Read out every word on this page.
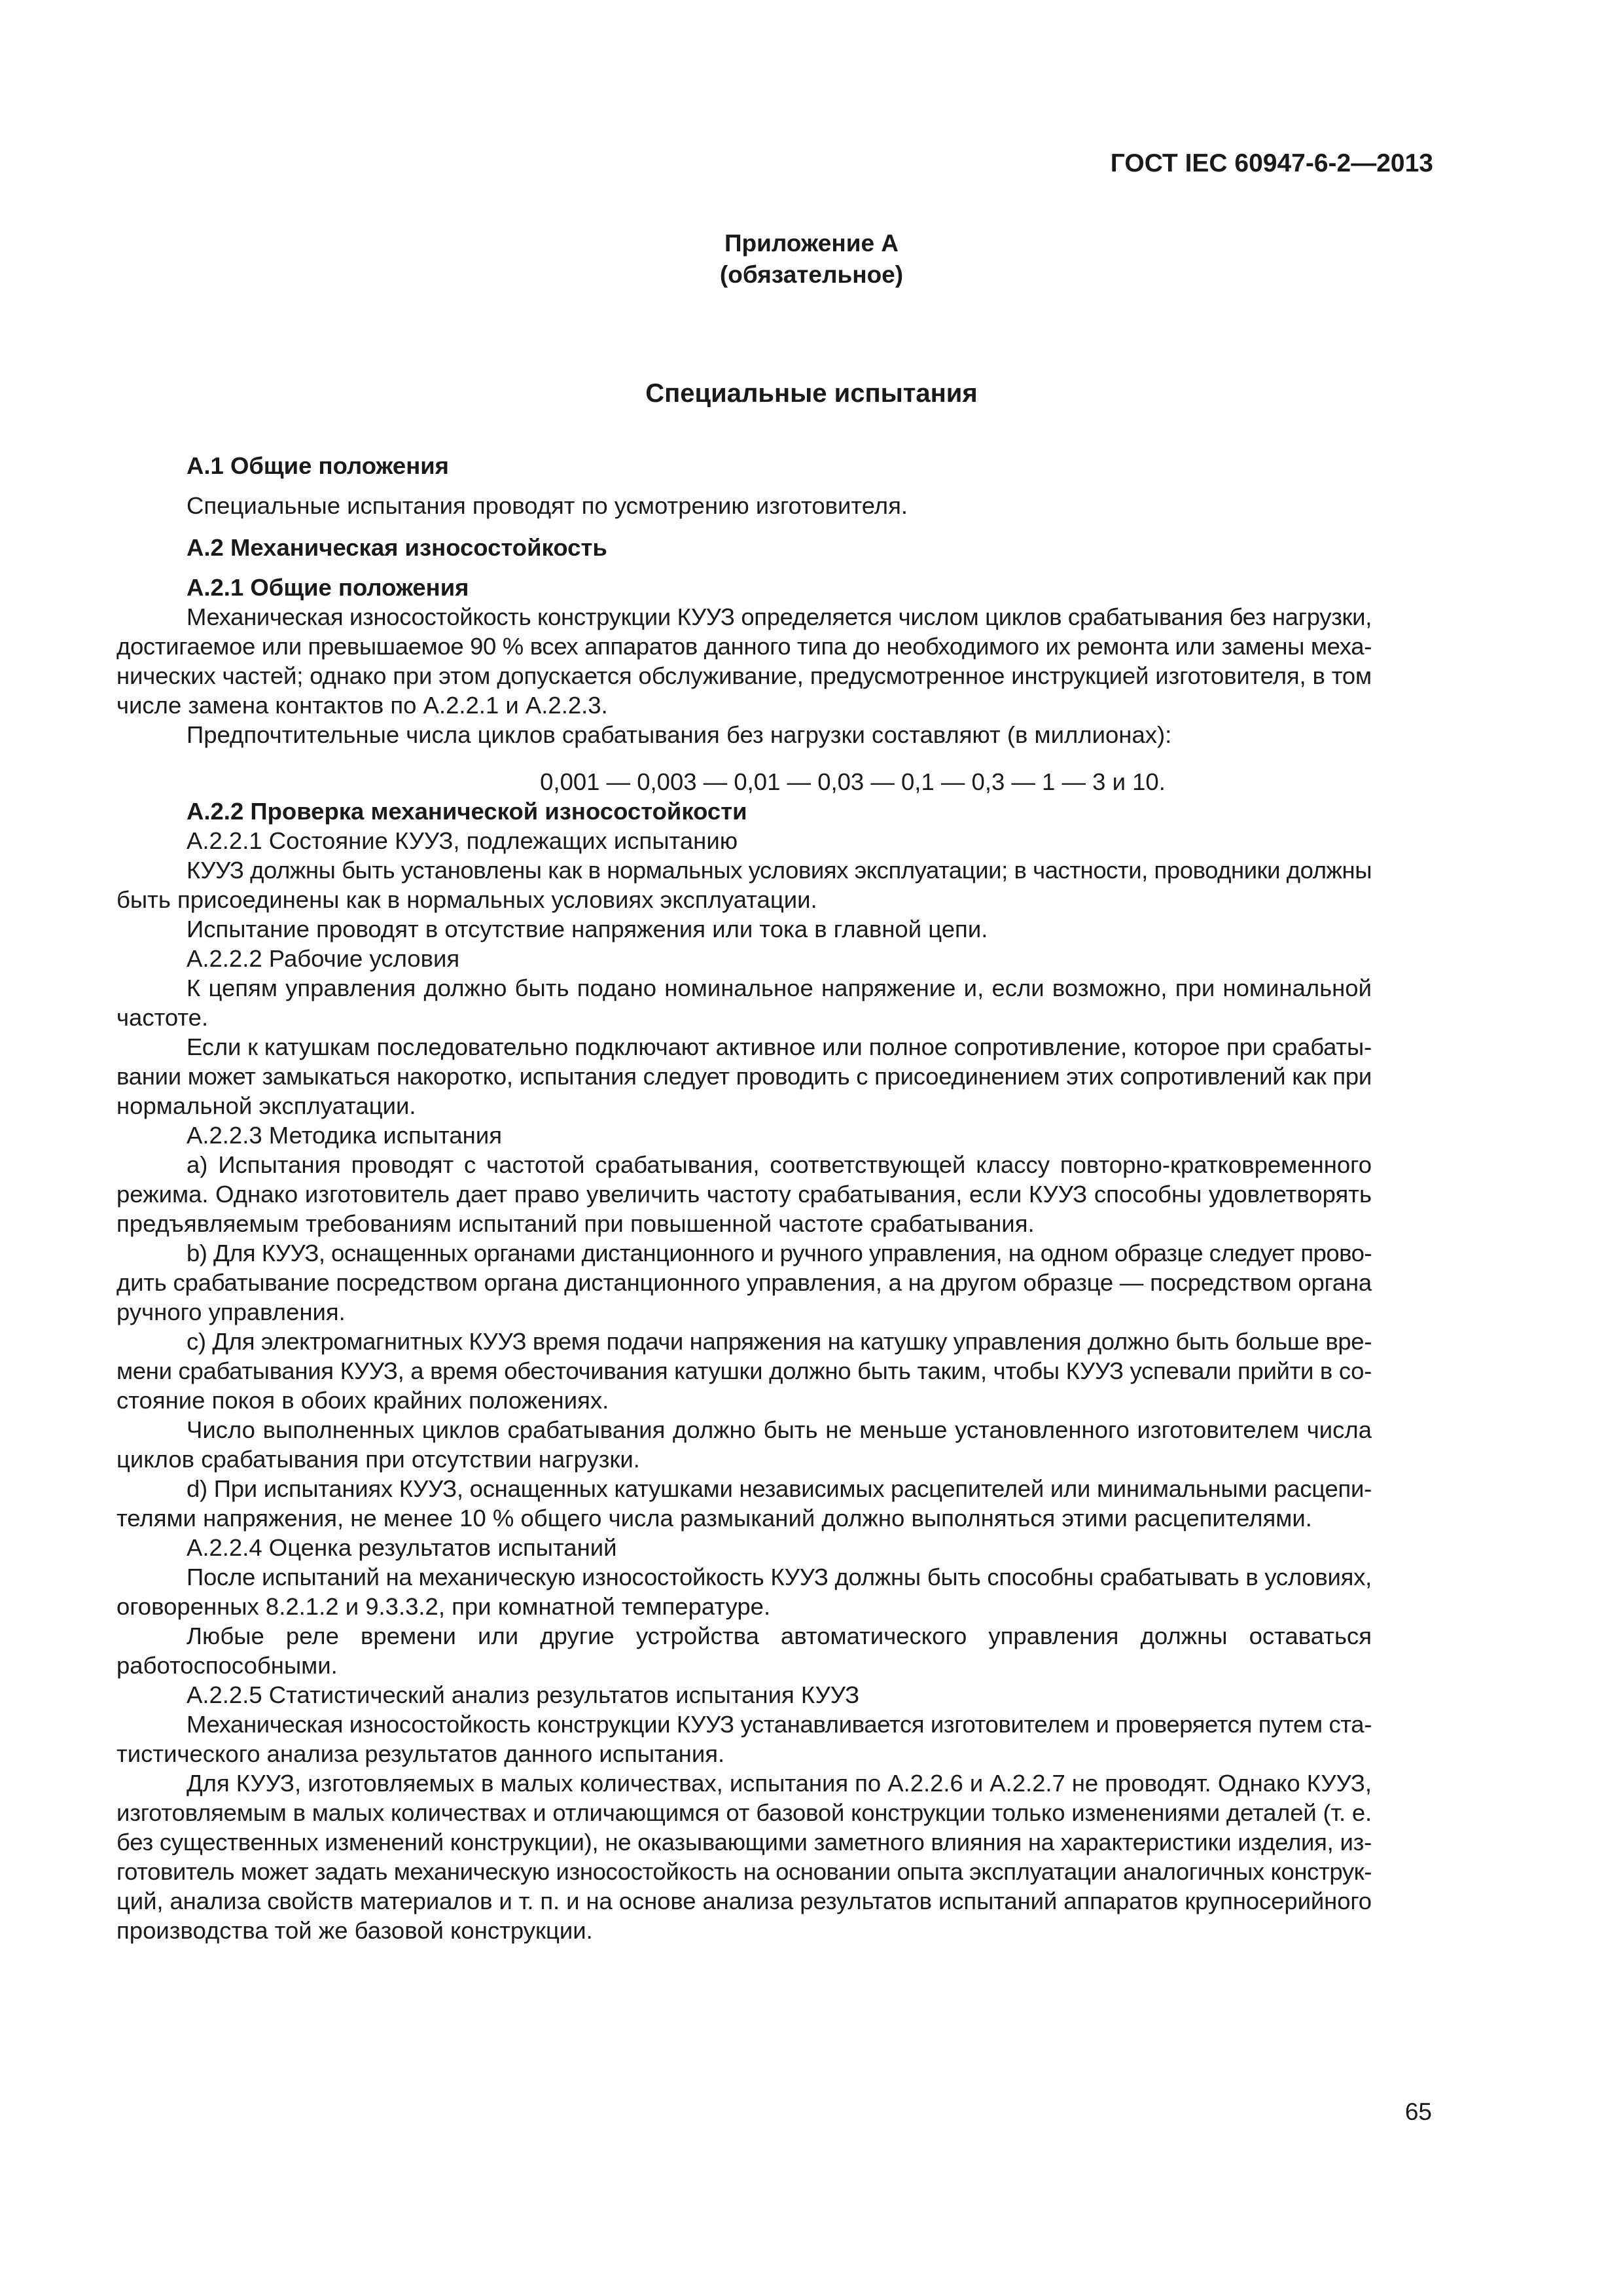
ГОСТ IEC 60947-6-2—2013
Приложение А
(обязательное)
Специальные испытания

А.1 Общие положения

Специальные испытания проводят по усмотрению изготовителя.

А.2 Механическая износостойкость

А.2.1 Общие положения

Механическая износостойкость конструкции КУУЗ определяется числом циклов срабатывания без нагрузки,
достигаемое или превышаемое 90 % всех аппаратов данного типа до необходимого их ремонта или замены меха-
нических частей; однако при этом допускается обслуживание, предусмотренное инструкцией изготовителя, в том
числе замена контактов по А.2.2.1 и А.2.2.3.

Предпочтительные числа циклов срабатывания без нагрузки составляют (в миллионах):

0,001 — 0,003 — 0,01 — 0,03 — 0,1 — 0,3 — 1 — 3 и 10.

А.2.2 Проверка механической износостойкости

А.2.2.1 Состояние КУУЗ, подлежащих испытанию

КУУЗ должны быть установлены как в нормальных условиях эксплуатации; в частности, проводники должны
быть присоединены как в нормальных условиях эксплуатации.

Испытание проводят в отсутствие напряжения или тока в главной цепи.

А.2.2.2 Рабочие условия

К цепям управления должно быть подано номинальное напряжение и, если возможно, при номинальной
частоте.

Если к катушкам последовательно подключают активное или полное сопротивление, которое при срабаты-
вании может замыкаться накоротко, испытания следует проводить с присоединением этих сопротивлений как при
нормальной эксплуатации.

А.2.2.3 Методика испытания

а) Испытания проводят с частотой срабатывания, соответствующей классу повторно-кратковременного
режима. Однако изготовитель дает право увеличить частоту срабатывания, если КУУЗ способны удовлетворять
предъявляемым требованиям испытаний при повышенной частоте срабатывания.

b) Для КУУЗ, оснащенных органами дистанционного и ручного управления, на одном образце следует прово-
дить срабатывание посредством органа дистанционного управления, а на другом образце — посредством органа
ручного управления.

c) Для электромагнитных КУУЗ время подачи напряжения на катушку управления должно быть больше вре-
мени срабатывания КУУЗ, а время обесточивания катушки должно быть таким, чтобы КУУЗ успевали прийти в со-
стояние покоя в обоих крайних положениях.

Число выполненных циклов срабатывания должно быть не меньше установленного изготовителем числа
циклов срабатывания при отсутствии нагрузки.

d) При испытаниях КУУЗ, оснащенных катушками независимых расцепителей или минимальными расцепи-
телями напряжения, не менее 10 % общего числа размыканий должно выполняться этими расцепителями.

А.2.2.4 Оценка результатов испытаний

После испытаний на механическую износостойкость КУУЗ должны быть способны срабатывать в условиях,
оговоренных 8.2.1.2 и 9.3.3.2, при комнатной температуре.

Любые реле времени или другие устройства автоматического управления должны оставаться
работоспособными.

А.2.2.5 Статистический анализ результатов испытания КУУЗ

Механическая износостойкость конструкции КУУЗ устанавливается изготовителем и проверяется путем ста-
тистического анализа результатов данного испытания.

Для КУУЗ, изготовляемых в малых количествах, испытания по А.2.2.6 и А.2.2.7 не проводят. Однако КУУЗ,
изготовляемым в малых количествах и отличающимся от базовой конструкции только изменениями деталей (т. е.
без существенных изменений конструкции), не оказывающими заметного влияния на характеристики изделия, из-
готовитель может задать механическую износостойкость на основании опыта эксплуатации аналогичных конструк-
ций, анализа свойств материалов и т. п. и на основе анализа результатов испытаний аппаратов крупносерийного
производства той же базовой конструкции.

65
